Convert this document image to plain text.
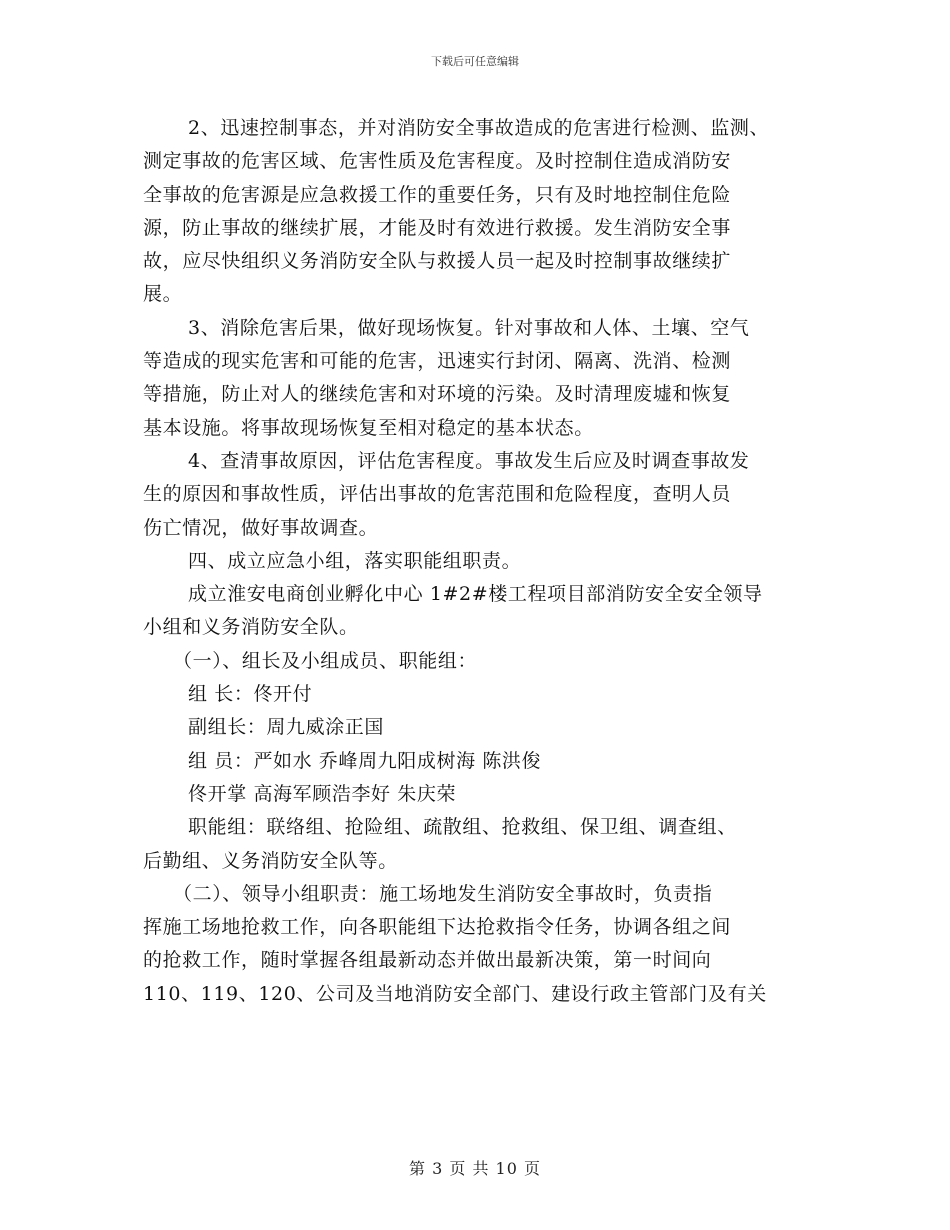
下载后可任意编辑
2、迅速控制事态，并对消防安全事故造成的危害进行检测、监测、
测定事故的危害区域、危害性质及危害程度。及时控制住造成消防安
全事故的危害源是应急救援工作的重要任务，只有及时地控制住危险
源，防止事故的继续扩展，才能及时有效进行救援。发生消防安全事
故，应尽快组织义务消防安全队与救援人员一起及时控制事故继续扩
展。
3、消除危害后果，做好现场恢复。针对事故和人体、土壤、空气
等造成的现实危害和可能的危害，迅速实行封闭、隔离、洗消、检测
等措施，防止对人的继续危害和对环境的污染。及时清理废墟和恢复
基本设施。将事故现场恢复至相对稳定的基本状态。
4、查清事故原因，评估危害程度。事故发生后应及时调查事故发
生的原因和事故性质，评估出事故的危害范围和危险程度，查明人员
伤亡情况，做好事故调查。
四、成立应急小组，落实职能组职责。
成立淮安电商创业孵化中心 1#2#楼工程项目部消防安全安全领导
小组和义务消防安全队。
（一）、组长及小组成员、职能组：
组 长：佟开付
副组长：周九威涂正国
组 员：严如水 乔峰周九阳成树海 陈洪俊
佟开掌 高海军顾浩李好 朱庆荣
职能组：联络组、抢险组、疏散组、抢救组、保卫组、调查组、
后勤组、义务消防安全队等。
（二）、领导小组职责：施工场地发生消防安全事故时，负责指
挥施工场地抢救工作，向各职能组下达抢救指令任务，协调各组之间
的抢救工作，随时掌握各组最新动态并做出最新决策，第一时间向
110、119、120、公司及当地消防安全部门、建设行政主管部门及有关
第 3 页 共 10 页
